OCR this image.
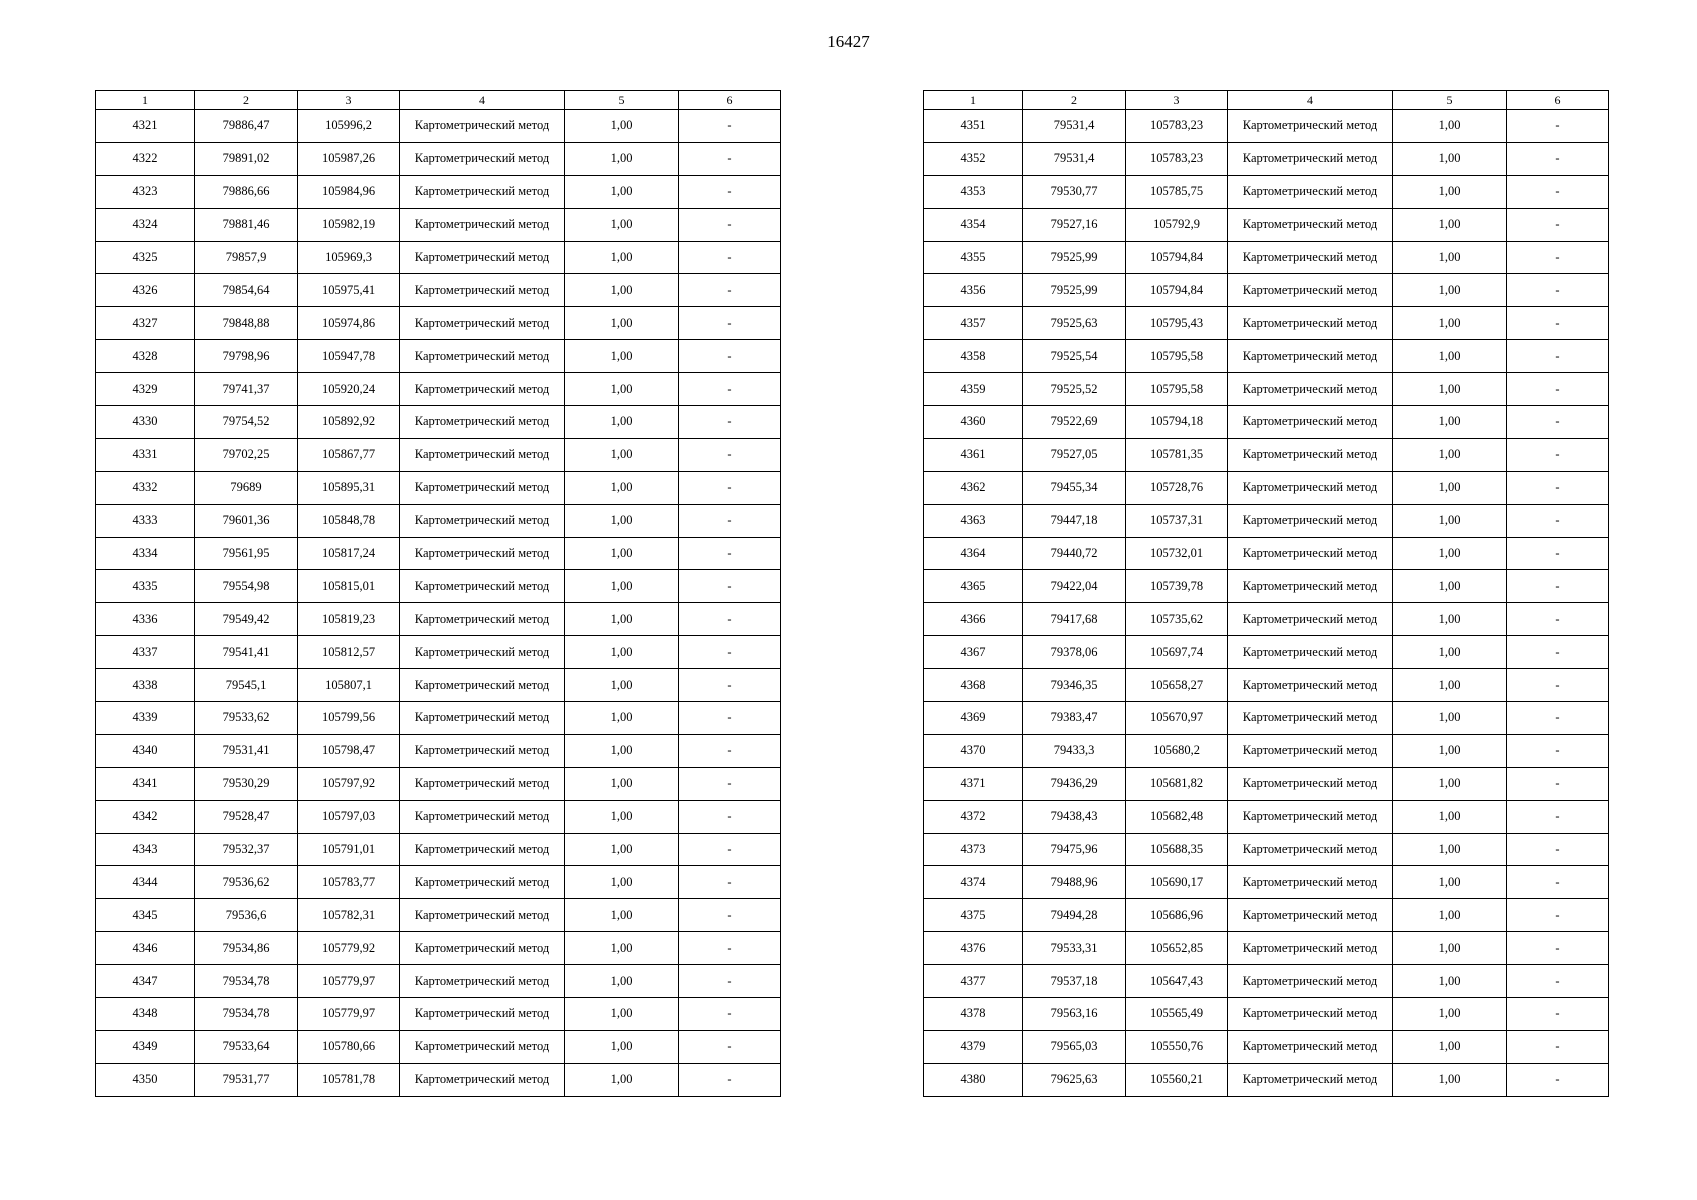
16427
1	2	3	4	5	6
4321	79886,47	105996,2	Картометрический метод	1,00	-
4322	79891,02	105987,26	Картометрический метод	1,00	-
4323	79886,66	105984,96	Картометрический метод	1,00	-
4324	79881,46	105982,19	Картометрический метод	1,00	-
4325	79857,9	105969,3	Картометрический метод	1,00	-
4326	79854,64	105975,41	Картометрический метод	1,00	-
4327	79848,88	105974,86	Картометрический метод	1,00	-
4328	79798,96	105947,78	Картометрический метод	1,00	-
4329	79741,37	105920,24	Картометрический метод	1,00	-
4330	79754,52	105892,92	Картометрический метод	1,00	-
4331	79702,25	105867,77	Картометрический метод	1,00	-
4332	79689	105895,31	Картометрический метод	1,00	-
4333	79601,36	105848,78	Картометрический метод	1,00	-
4334	79561,95	105817,24	Картометрический метод	1,00	-
4335	79554,98	105815,01	Картометрический метод	1,00	-
4336	79549,42	105819,23	Картометрический метод	1,00	-
4337	79541,41	105812,57	Картометрический метод	1,00	-
4338	79545,1	105807,1	Картометрический метод	1,00	-
4339	79533,62	105799,56	Картометрический метод	1,00	-
4340	79531,41	105798,47	Картометрический метод	1,00	-
4341	79530,29	105797,92	Картометрический метод	1,00	-
4342	79528,47	105797,03	Картометрический метод	1,00	-
4343	79532,37	105791,01	Картометрический метод	1,00	-
4344	79536,62	105783,77	Картометрический метод	1,00	-
4345	79536,6	105782,31	Картометрический метод	1,00	-
4346	79534,86	105779,92	Картометрический метод	1,00	-
4347	79534,78	105779,97	Картометрический метод	1,00	-
4348	79534,78	105779,97	Картометрический метод	1,00	-
4349	79533,64	105780,66	Картометрический метод	1,00	-
4350	79531,77	105781,78	Картометрический метод	1,00	-
1	2	3	4	5	6
4351	79531,4	105783,23	Картометрический метод	1,00	-
4352	79531,4	105783,23	Картометрический метод	1,00	-
4353	79530,77	105785,75	Картометрический метод	1,00	-
4354	79527,16	105792,9	Картометрический метод	1,00	-
4355	79525,99	105794,84	Картометрический метод	1,00	-
4356	79525,99	105794,84	Картометрический метод	1,00	-
4357	79525,63	105795,43	Картометрический метод	1,00	-
4358	79525,54	105795,58	Картометрический метод	1,00	-
4359	79525,52	105795,58	Картометрический метод	1,00	-
4360	79522,69	105794,18	Картометрический метод	1,00	-
4361	79527,05	105781,35	Картометрический метод	1,00	-
4362	79455,34	105728,76	Картометрический метод	1,00	-
4363	79447,18	105737,31	Картометрический метод	1,00	-
4364	79440,72	105732,01	Картометрический метод	1,00	-
4365	79422,04	105739,78	Картометрический метод	1,00	-
4366	79417,68	105735,62	Картометрический метод	1,00	-
4367	79378,06	105697,74	Картометрический метод	1,00	-
4368	79346,35	105658,27	Картометрический метод	1,00	-
4369	79383,47	105670,97	Картометрический метод	1,00	-
4370	79433,3	105680,2	Картометрический метод	1,00	-
4371	79436,29	105681,82	Картометрический метод	1,00	-
4372	79438,43	105682,48	Картометрический метод	1,00	-
4373	79475,96	105688,35	Картометрический метод	1,00	-
4374	79488,96	105690,17	Картометрический метод	1,00	-
4375	79494,28	105686,96	Картометрический метод	1,00	-
4376	79533,31	105652,85	Картометрический метод	1,00	-
4377	79537,18	105647,43	Картометрический метод	1,00	-
4378	79563,16	105565,49	Картометрический метод	1,00	-
4379	79565,03	105550,76	Картометрический метод	1,00	-
4380	79625,63	105560,21	Картометрический метод	1,00	-
